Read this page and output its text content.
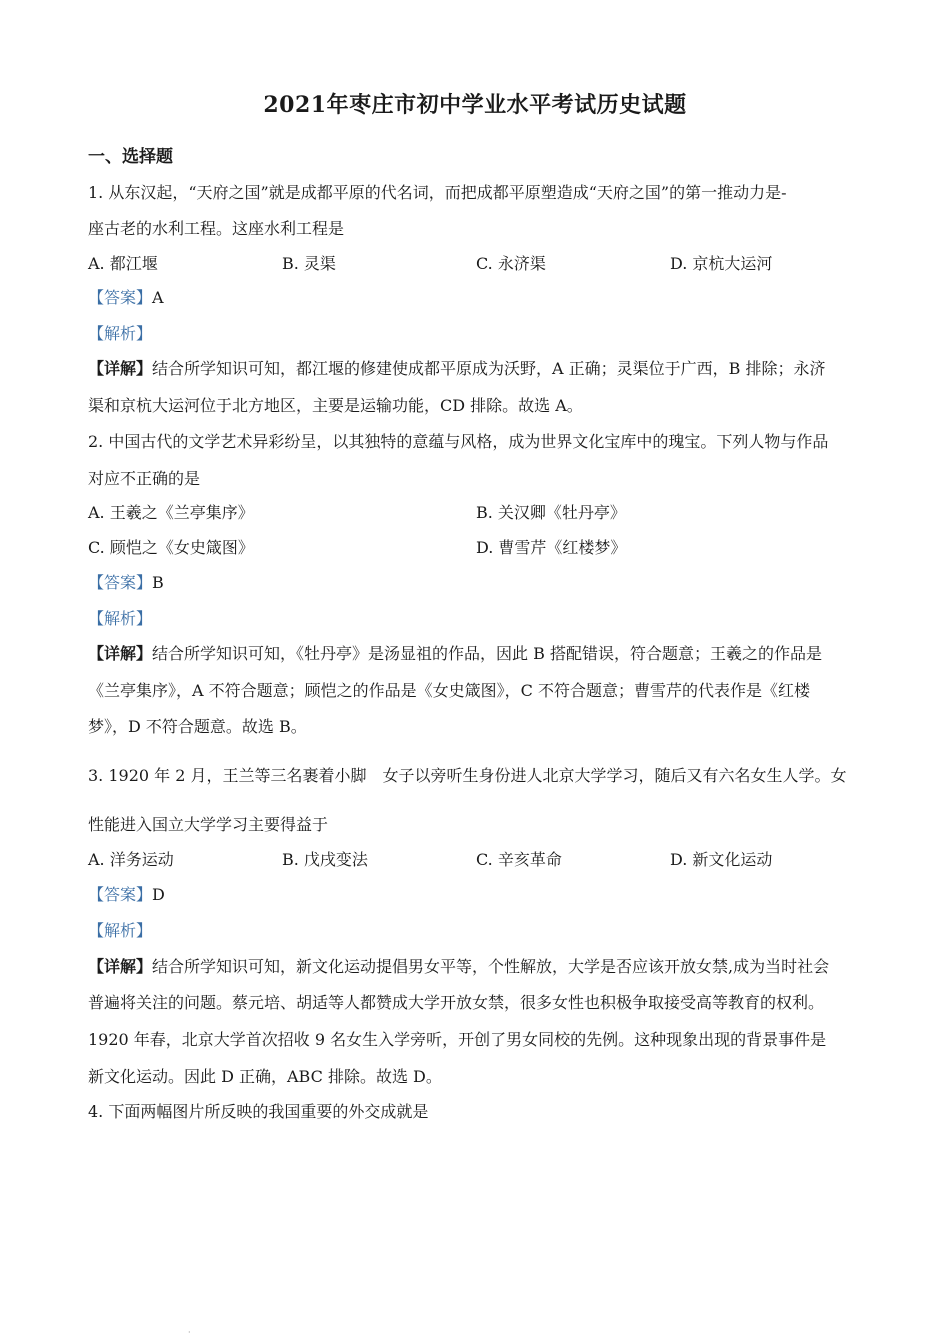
2021年枣庄市初中学业水平考试历史试题
一、选择题
1. 从东汉起，“天府之国”就是成都平原的代名词，而把成都平原塑造成“天府之国”的第一推动力是-
座古老的水利工程。这座水利工程是
A. 都江堰	B. 灵渠	C. 永济渠	D. 京杭大运河
【答案】A
【解析】
【详解】结合所学知识可知，都江堰的修建使成都平原成为沃野，A 正确；灵渠位于广西，B 排除；永济
渠和京杭大运河位于北方地区，主要是运输功能，CD 排除。故选 A。
2. 中国古代的文学艺术异彩纷呈，以其独特的意蕴与风格，成为世界文化宝库中的瑰宝。下列人物与作品
对应不正确的是
A. 王羲之《兰亭集序》	B. 关汉卿《牡丹亭》
C. 顾恺之《女史箴图》	D. 曹雪芹《红楼梦》
【答案】B
【解析】
【详解】结合所学知识可知，《牡丹亭》是汤显祖的作品，因此 B 搭配错误，符合题意；王羲之的作品是
《兰亭集序》，A 不符合题意；顾恺之的作品是《女史箴图》，C 不符合题意；曹雪芹的代表作是《红楼
梦》，D 不符合题意。故选 B。
3. 1920 年 2 月，王兰等三名裹着小脚　女子以旁听生身份进人北京大学学习，随后又有六名女生人学。女
性能进入国立大学学习主要得益于
A. 洋务运动	B. 戊戌变法	C. 辛亥革命	D. 新文化运动
【答案】D
【解析】
【详解】结合所学知识可知，新文化运动提倡男女平等，个性解放，大学是否应该开放女禁,成为当时社会
普遍将关注的问题。蔡元培、胡适等人都赞成大学开放女禁，很多女性也积极争取接受高等教育的权利。
1920 年春，北京大学首次招收 9 名女生入学旁听，开创了男女同校的先例。这种现象出现的背景事件是
新文化运动。因此 D 正确，ABC 排除。故选 D。
4. 下面两幅图片所反映的我国重要的外交成就是
·
